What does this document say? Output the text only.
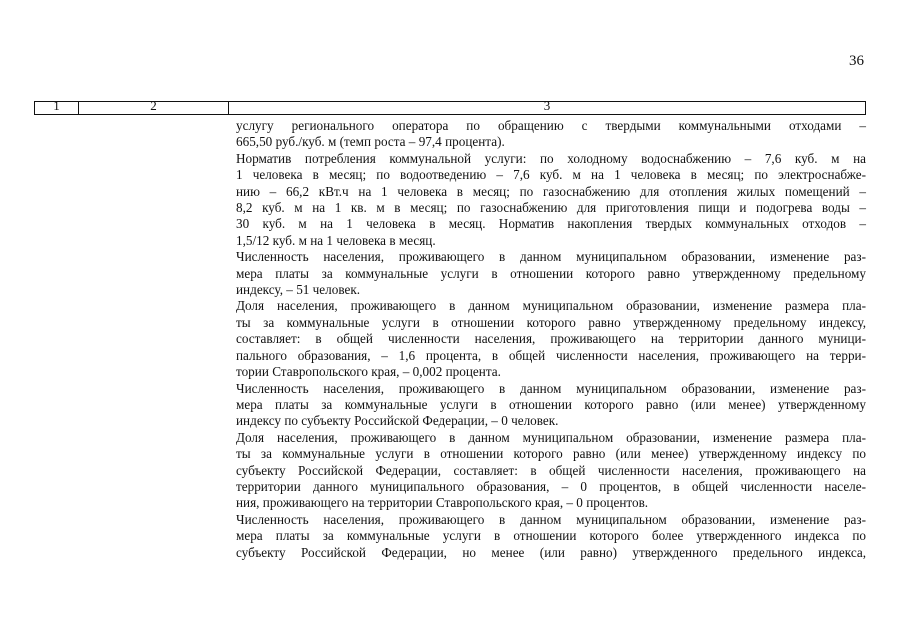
36
1	2	3
услугу регионального оператора по обращению с твердыми коммунальными отходами –
665,50 руб./куб. м (темп роста – 97,4 процента).
Норматив потребления коммунальной услуги: по холодному водоснабжению – 7,6 куб. м на
1 человека в месяц; по водоотведению – 7,6 куб. м на 1 человека в месяц; по электроснабже-
нию – 66,2 кВт.ч на 1 человека в месяц; по газоснабжению для отопления жилых помещений –
8,2 куб. м на 1 кв. м в месяц; по газоснабжению для приготовления пищи и подогрева воды –
30 куб. м на 1 человека в месяц. Норматив накопления твердых коммунальных отходов –
1,5/12 куб. м на 1 человека в месяц.
Численность населения, проживающего в данном муниципальном образовании, изменение раз-
мера платы за коммунальные услуги в отношении которого равно утвержденному предельному
индексу, – 51 человек.
Доля населения, проживающего в данном муниципальном образовании, изменение размера пла-
ты за коммунальные услуги в отношении которого равно утвержденному предельному индексу,
составляет: в общей численности населения, проживающего на территории данного муници-
пального образования, – 1,6 процента, в общей численности населения, проживающего на терри-
тории Ставропольского края, – 0,002 процента.
Численность населения, проживающего в данном муниципальном образовании, изменение раз-
мера платы за коммунальные услуги в отношении которого равно (или менее) утвержденному
индексу по субъекту Российской Федерации, – 0 человек.
Доля населения, проживающего в данном муниципальном образовании, изменение размера пла-
ты за коммунальные услуги в отношении которого равно (или менее) утвержденному индексу по
субъекту Российской Федерации, составляет: в общей численности населения, проживающего на
территории данного муниципального образования, – 0 процентов, в общей численности населе-
ния, проживающего на территории Ставропольского края, – 0 процентов.
Численность населения, проживающего в данном муниципальном образовании, изменение раз-
мера платы за коммунальные услуги в отношении которого более утвержденного индекса по
субъекту Российской Федерации, но менее (или равно) утвержденного предельного индекса,
